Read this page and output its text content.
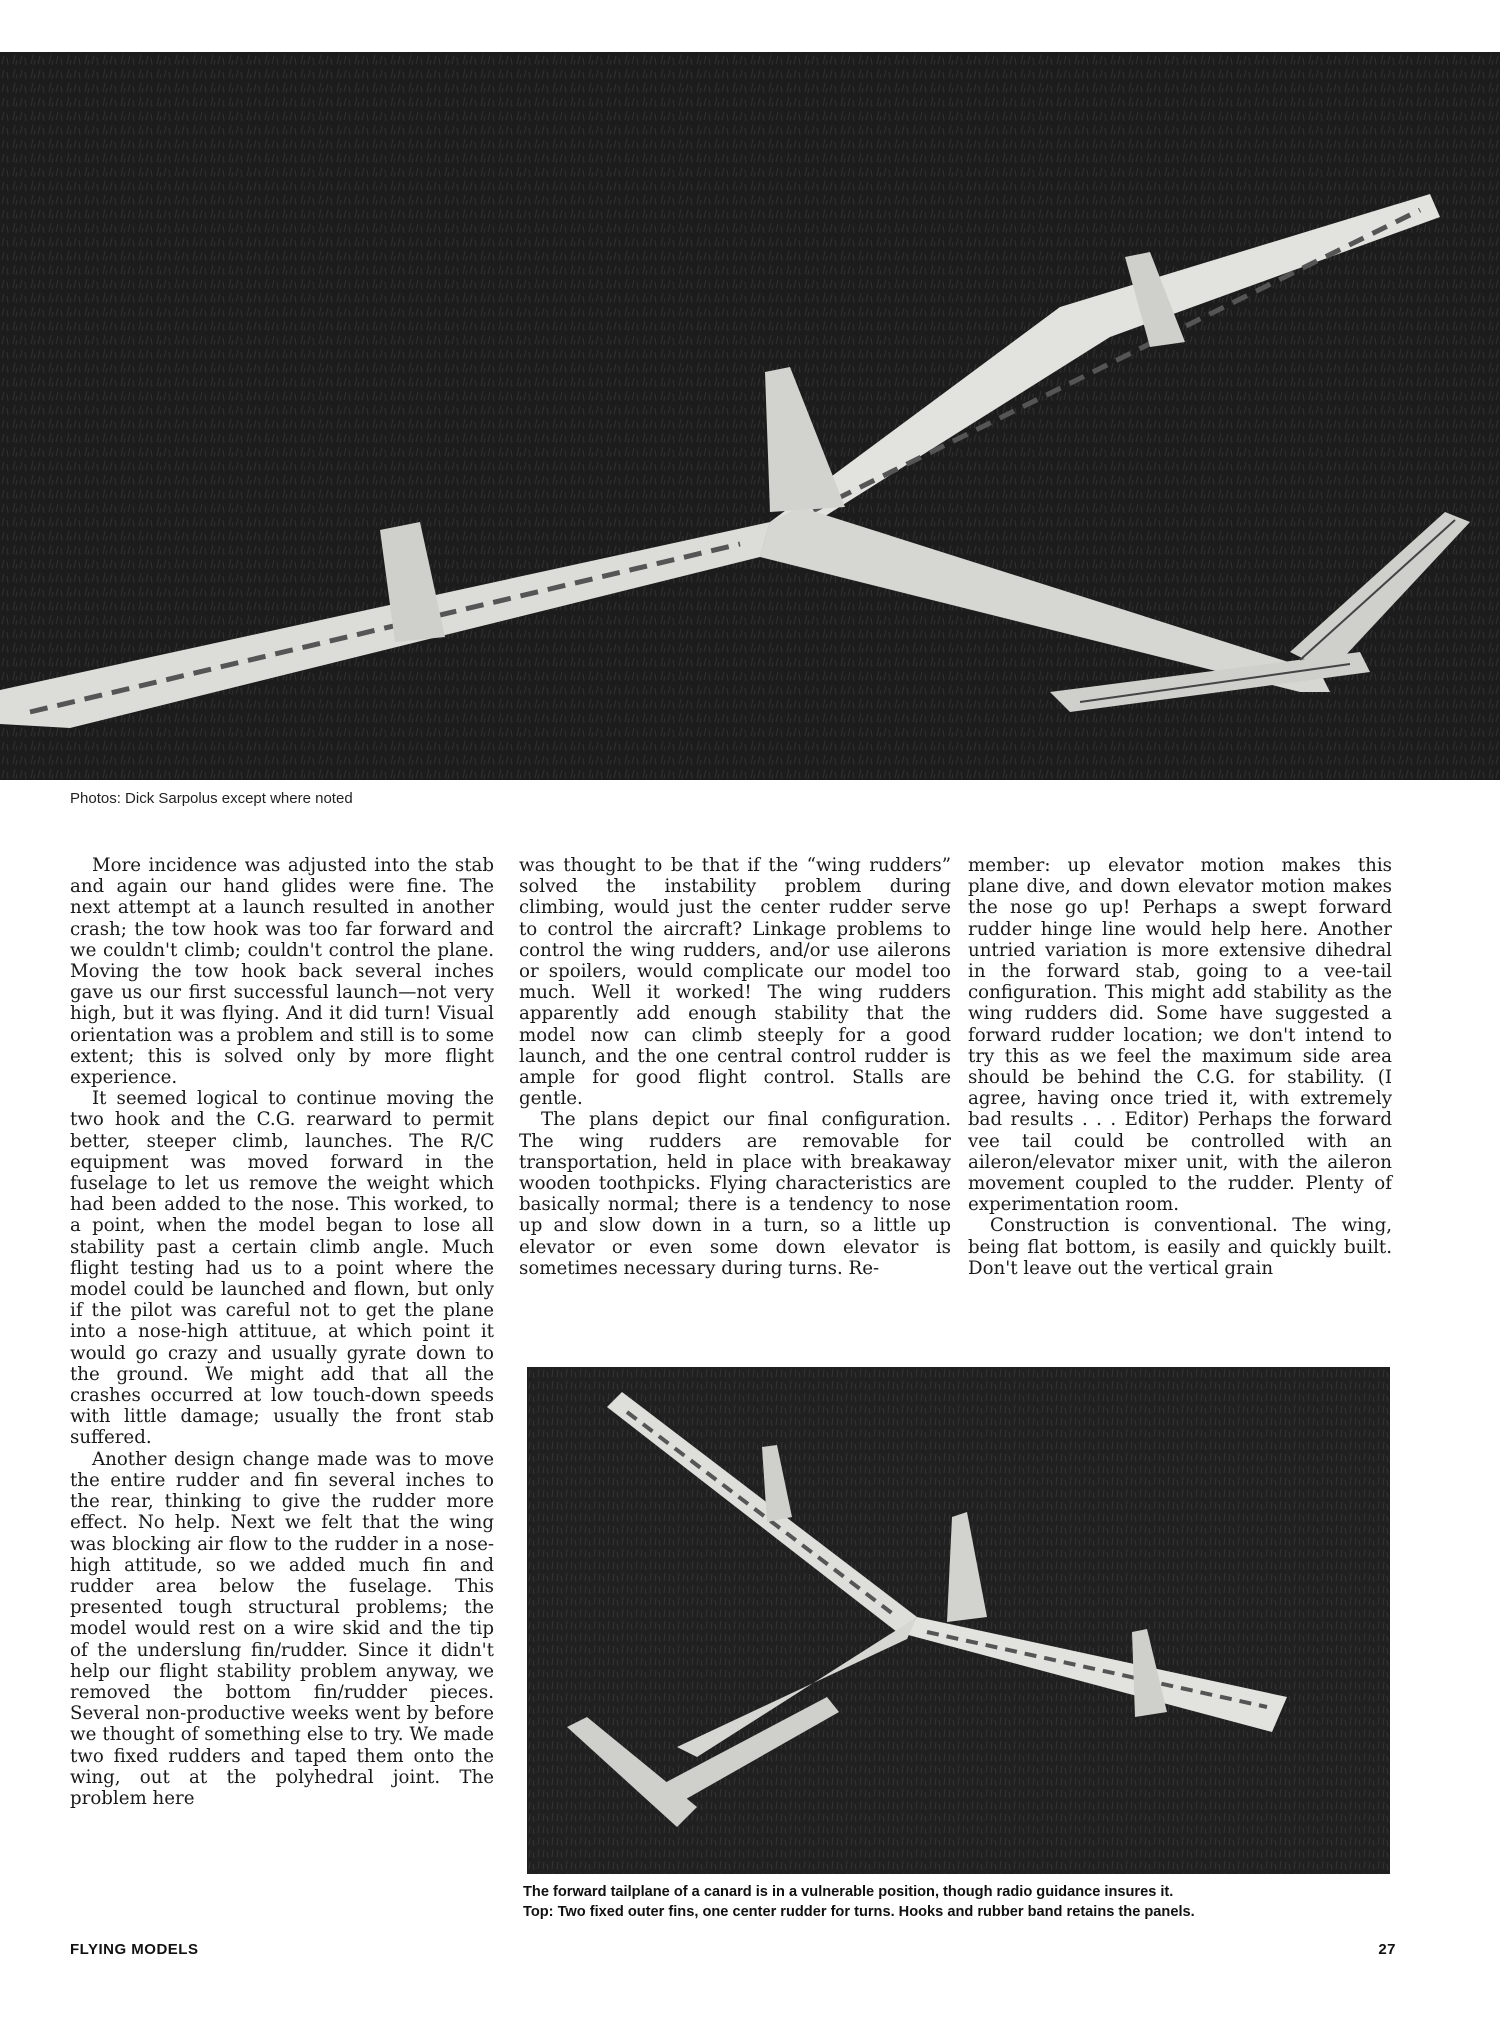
Photos: Dick Sarpolus except where noted

More incidence was adjusted into the stab and again our hand glides were fine. The next attempt at a launch resulted in another crash; the tow hook was too far forward and we couldn't climb; couldn't control the plane. Moving the tow hook back several inches gave us our first successful launch—not very high, but it was flying. And it did turn! Visual orientation was a problem and still is to some extent; this is solved only by more flight experience.

It seemed logical to continue moving the two hook and the C.G. rearward to permit better, steeper climb, launches. The R/C equipment was moved forward in the fuselage to let us remove the weight which had been added to the nose. This worked, to a point, when the model began to lose all stability past a certain climb angle. Much flight testing had us to a point where the model could be launched and flown, but only if the pilot was careful not to get the plane into a nose-high attituue, at which point it would go crazy and usually gyrate down to the ground. We might add that all the crashes occurred at low touch-down speeds with little damage; usually the front stab suffered.

Another design change made was to move the entire rudder and fin several inches to the rear, thinking to give the rudder more effect. No help. Next we felt that the wing was blocking air flow to the rudder in a nose-high attitude, so we added much fin and rudder area below the fuselage. This presented tough structural problems; the model would rest on a wire skid and the tip of the underslung fin/rudder. Since it didn't help our flight stability problem anyway, we removed the bottom fin/rudder pieces. Several non-productive weeks went by before we thought of something else to try. We made two fixed rudders and taped them onto the wing, out at the polyhedral joint. The problem here

was thought to be that if the “wing rudders” solved the instability problem during climbing, would just the center rudder serve to control the aircraft? Linkage problems to control the wing rudders, and/or use ailerons or spoilers, would complicate our model too much. Well it worked! The wing rudders apparently add enough stability that the model now can climb steeply for a good launch, and the one central control rudder is ample for good flight control. Stalls are gentle.

The plans depict our final configuration. The wing rudders are removable for transportation, held in place with breakaway wooden toothpicks. Flying characteristics are basically normal; there is a tendency to nose up and slow down in a turn, so a little up elevator or even some down elevator is sometimes necessary during turns. Re-

member: up elevator motion makes this plane dive, and down elevator motion makes the nose go up! Perhaps a swept forward rudder hinge line would help here. Another untried variation is more extensive dihedral in the forward stab, going to a vee-tail configuration. This might add stability as the wing rudders did. Some have suggested a forward rudder location; we don't intend to try this as we feel the maximum side area should be behind the C.G. for stability. (I agree, having once tried it, with extremely bad results . . . Editor) Perhaps the forward vee tail could be controlled with an aileron/elevator mixer unit, with the aileron movement coupled to the rudder. Plenty of experimentation room.

Construction is conventional. The wing, being flat bottom, is easily and quickly built. Don't leave out the vertical grain

The forward tailplane of a canard is in a vulnerable position, though radio guidance insures it.
Top: Two fixed outer fins, one center rudder for turns. Hooks and rubber band retains the panels.
FLYING MODELS	27
